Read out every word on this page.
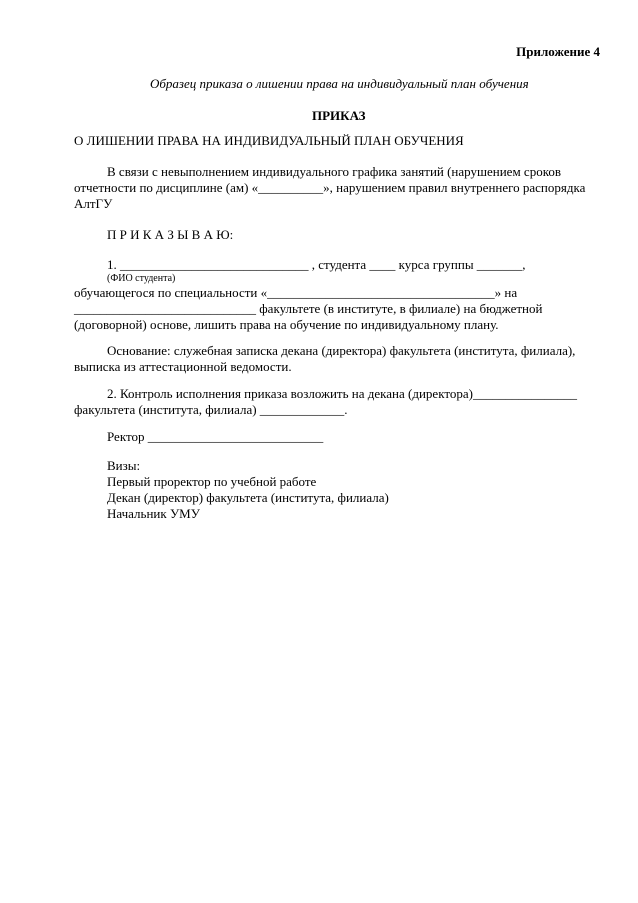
Приложение 4
Образец приказа о лишении права на индивидуальный план обучения
ПРИКАЗ
О ЛИШЕНИИ ПРАВА НА ИНДИВИДУАЛЬНЫЙ ПЛАН ОБУЧЕНИЯ
В связи с невыполнением индивидуального графика занятий (нарушением сроков
отчетности по дисциплине (ам) «__________», нарушением правил внутреннего распорядка
АлтГУ
П Р И К А З Ы В А Ю:
1. _____________________________ , студента ____ курса группы _______,
(ФИО студента)
обучающегося по специальности «___________________________________» на
____________________________ факультете (в институте, в филиале) на бюджетной
(договорной) основе, лишить права на обучение по индивидуальному плану.
Основание: служебная записка декана (директора) факультета (института, филиала),
выписка из аттестационной ведомости.
2. Контроль исполнения приказа возложить на декана (директора)________________
факультета (института, филиала) _____________.
Ректор ___________________________
Визы:
Первый проректор по учебной работе
Декан (директор) факультета (института, филиала)
Начальник УМУ
